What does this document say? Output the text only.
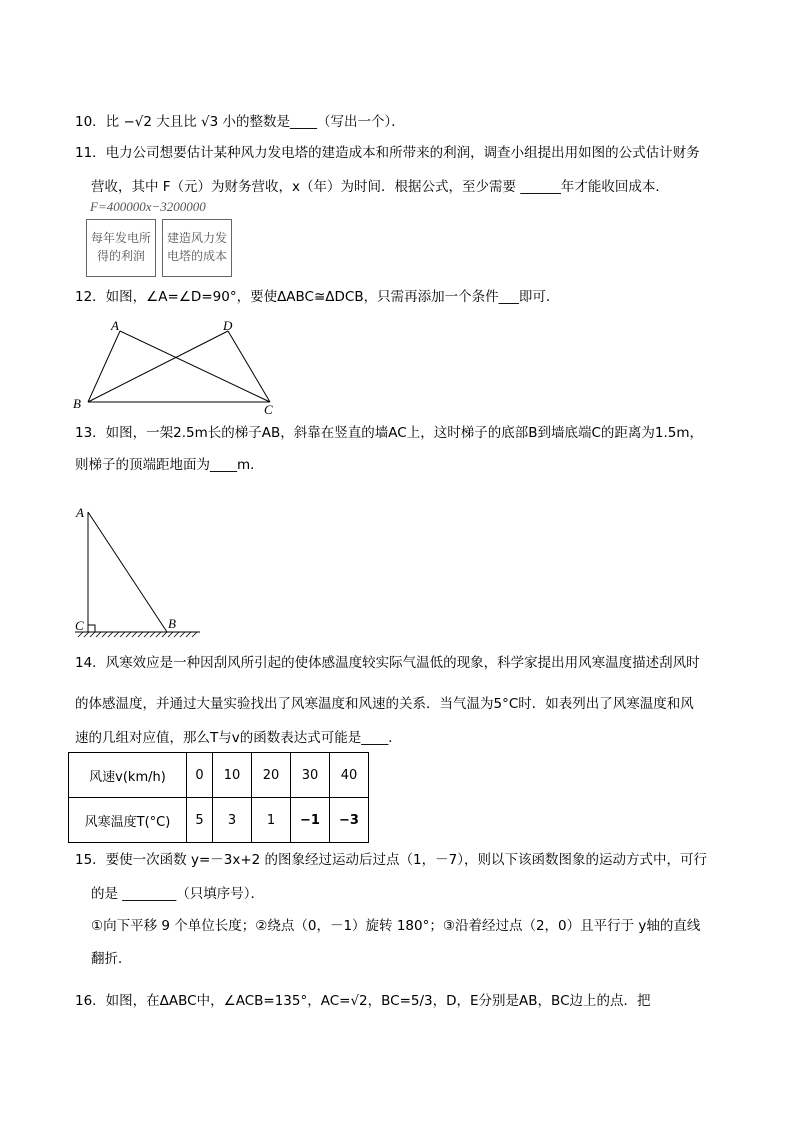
10．比 −√2 大且比 √3 小的整数是____（写出一个）．
11．电力公司想要估计某种风力发电塔的建造成本和所带来的利润，调查小组提出用如图的公式估计财务
营收，其中 F（元）为财务营收，x（年）为时间．根据公式，至少需要 ______年才能收回成本．
F=400000x−3200000
每年发电所
得的利润
建造风力发
电塔的成本
12．如图，∠A=∠D=90°，要使ΔABC≅ΔDCB，只需再添加一个条件___即可．
A	D
B	C
13．如图，一架2.5m长的梯子AB，斜靠在竖直的墙AC上，这时梯子的底部B到墙底端C的距离为1.5m，
则梯子的顶端距地面为____m．
A
C	B
14．风寒效应是一种因刮风所引起的使体感温度较实际气温低的现象，科学家提出用风寒温度描述刮风时
的体感温度，并通过大量实验找出了风寒温度和风速的关系．当气温为5°C时．如表列出了风寒温度和风
速的几组对应值，那么T与v的函数表达式可能是____．
风速v(km/h)	0	10	20	30	40
风寒温度T(°C)	5	3	1	−1	−3
15．要使一次函数 y=－3x+2 的图象经过运动后过点（1，－7），则以下该函数图象的运动方式中，可行
的是 ________（只填序号）．
①向下平移 9 个单位长度；②绕点（0，－1）旋转 180°；③沿着经过点（2，0）且平行于 y轴的直线
翻折．
16．如图，在ΔABC中，∠ACB=135°，AC=√2，BC=5/3，D，E分别是AB，BC边上的点．把
